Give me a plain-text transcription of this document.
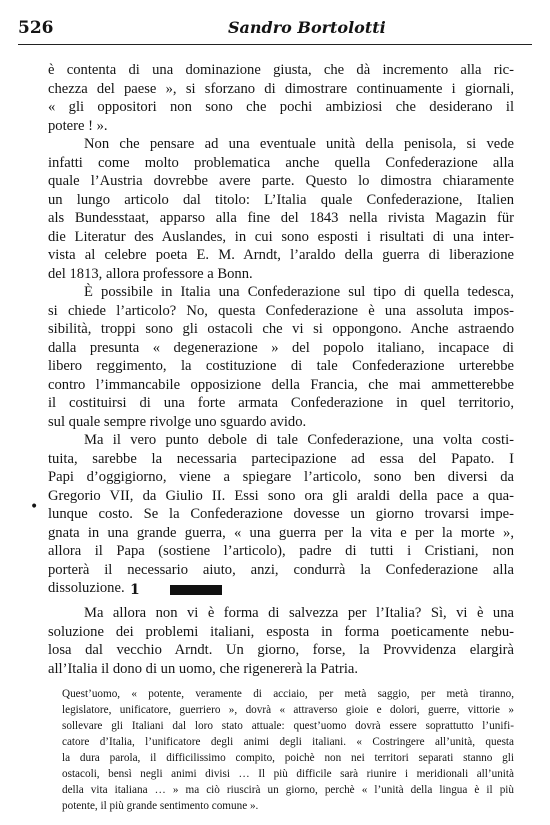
526	Sandro Bortolotti
è contenta di una dominazione giusta, che dà incremento alla ric-
chezza del paese », si sforzano di dimostrare continuamente i giornali,
« gli oppositori non sono che pochi ambiziosi che desiderano il
potere ! ».
Non che pensare ad una eventuale unità della penisola, si vede
infatti come molto problematica anche quella Confederazione alla
quale l’Austria dovrebbe avere parte. Questo lo dimostra chiaramente
un lungo articolo dal titolo: L’Italia quale Confederazione, Italien
als Bundesstaat, apparso alla fine del 1843 nella rivista Magazin für
die Literatur des Auslandes, in cui sono esposti i risultati di una inter-
vista al celebre poeta E. M. Arndt, l’araldo della guerra di liberazione
del 1813, allora professore a Bonn.
È possibile in Italia una Confederazione sul tipo di quella tedesca,
si chiede l’articolo? No, questa Confederazione è una assoluta impos-
sibilità, troppi sono gli ostacoli che vi si oppongono. Anche astraendo
dalla presunta « degenerazione » del popolo italiano, incapace di
libero reggimento, la costituzione di tale Confederazione urterebbe
contro l’immancabile opposizione della Francia, che mai ammetterebbe
il costituirsi di una forte armata Confederazione in quel territorio,
sul quale sempre rivolge uno sguardo avido.
Ma il vero punto debole di tale Confederazione, una volta costi-
tuita, sarebbe la necessaria partecipazione ad essa del Papato. I
Papi d’oggigiorno, viene a spiegare l’articolo, sono ben diversi da
Gregorio VII, da Giulio II. Essi sono ora gli araldi della pace a qua-
lunque costo. Se la Confederazione dovesse un giorno trovarsi impe-
gnata in una grande guerra, « una guerra per la vita e per la morte »,
allora il Papa (sostiene l’articolo), padre di tutti i Cristiani, non
porterà il necessario aiuto, anzi, condurrà la Confederazione alla
dissoluzione.
Ma allora non vi è forma di salvezza per l’Italia? Sì, vi è una
soluzione dei problemi italiani, esposta in forma poeticamente nebu-
losa dal vecchio Arndt. Un giorno, forse, la Provvidenza elargirà
all’Italia il dono di un uomo, che rigenererà la Patria.
•
1
Quest’uomo, « potente, veramente di acciaio, per metà saggio, per metà tiranno,
legislatore, unificatore, guerriero », dovrà « attraverso gioie e dolori, guerre, vittorie »
sollevare gli Italiani dal loro stato attuale: quest’uomo dovrà essere soprattutto l’unifi-
catore d’Italia, l’unificatore degli animi degli italiani. « Costringere all’unità, questa
la dura parola, il difficilissimo compito, poichè non nei territori separati stanno gli
ostacoli, bensì negli animi divisi … Il più difficile sarà riunire i meridionali all’unità
della vita italiana … » ma ciò riuscirà un giorno, perchè « l’unità della lingua è il più
potente, il più grande sentimento comune ».
